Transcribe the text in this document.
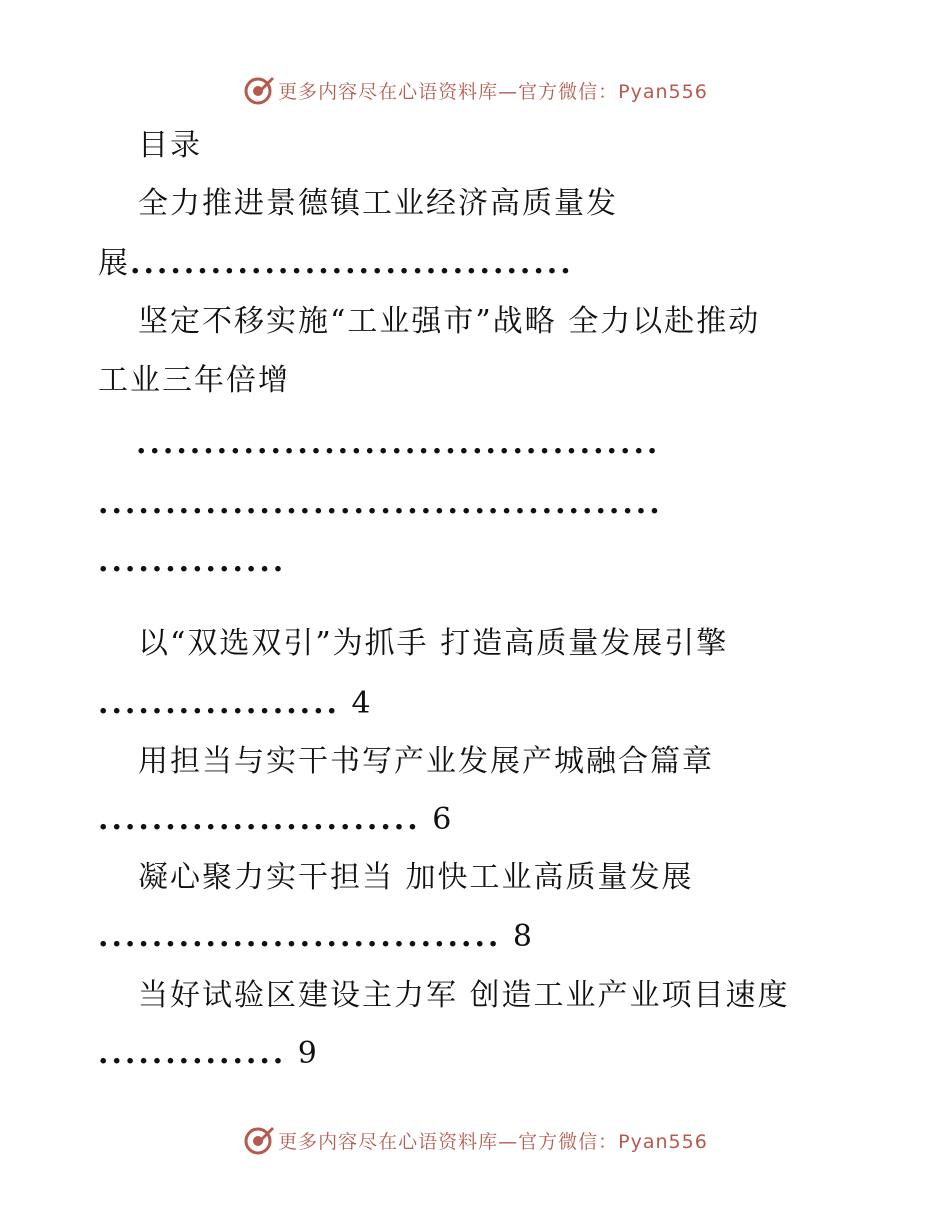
更多内容尽在心语资料库—官方微信：Pyan556
目录
全力推进景德镇工业经济高质量发
展.................................
坚定不移实施“工业强市”战略 全力以赴推动
工业三年倍增
.......................................
..........................................
..............
以“双选双引”为抓手 打造高质量发展引擎
.................. 4
用担当与实干书写产业发展产城融合篇章
........................ 6
凝心聚力实干担当 加快工业高质量发展
.............................. 8
当好试验区建设主力军 创造工业产业项目速度
.............. 9
更多内容尽在心语资料库—官方微信：Pyan556
